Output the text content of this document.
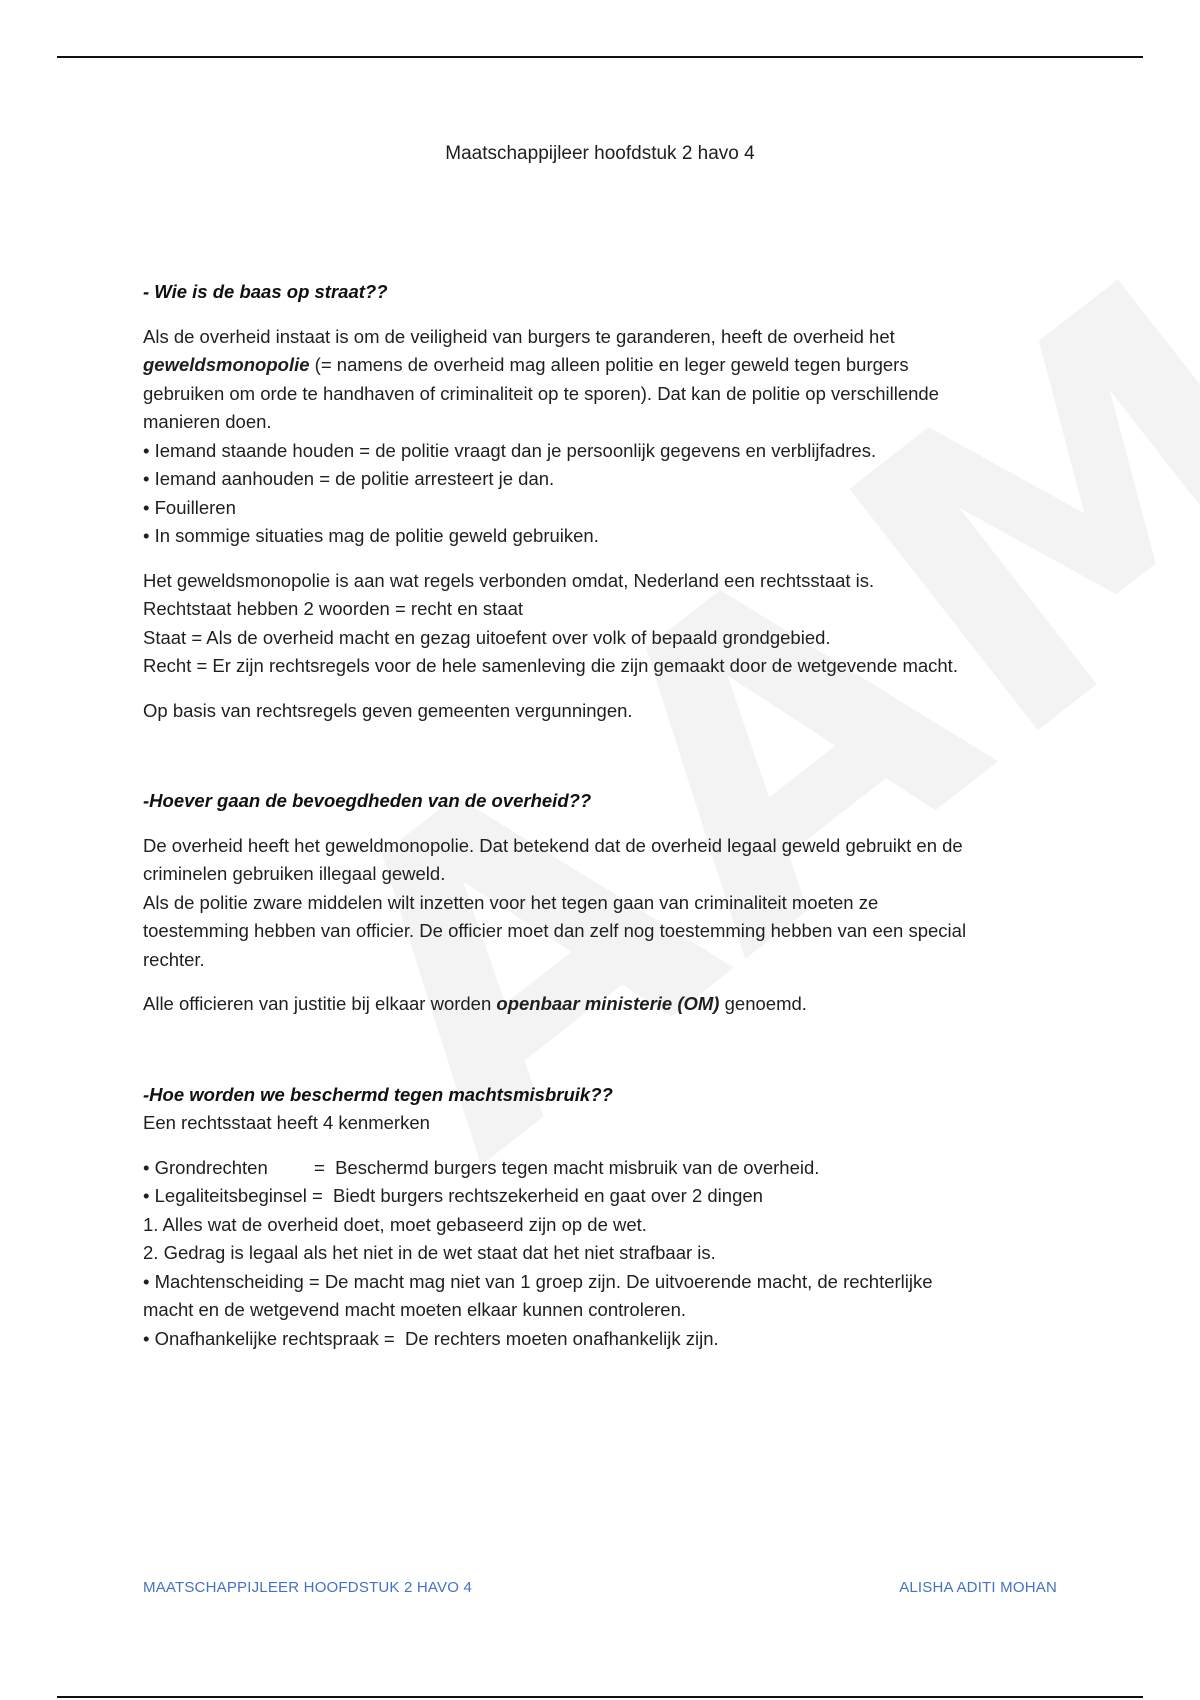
Maatschappijleer hoofdstuk 2 havo 4
- Wie is de baas op straat??

Als de overheid instaat is om de veiligheid van burgers te garanderen, heeft de overheid het
geweldsmonopolie (= namens de overheid mag alleen politie en leger geweld tegen burgers
gebruiken om orde te handhaven of criminaliteit op te sporen). Dat kan de politie op verschillende
manieren doen.

• Iemand staande houden = de politie vraagt dan je persoonlijk gegevens en verblijfadres.

• Iemand aanhouden = de politie arresteert je dan.

• Fouilleren

• In sommige situaties mag de politie geweld gebruiken.

Het geweldsmonopolie is aan wat regels verbonden omdat, Nederland een rechtsstaat is.
Rechtstaat hebben 2 woorden = recht en staat
Staat = Als de overheid macht en gezag uitoefent over volk of bepaald grondgebied.
Recht = Er zijn rechtsregels voor de hele samenleving die zijn gemaakt door de wetgevende macht.

Op basis van rechtsregels geven gemeenten vergunningen.

-Hoever gaan de bevoegdheden van de overheid??

De overheid heeft het geweldmonopolie. Dat betekend dat de overheid legaal geweld gebruikt en de
criminelen gebruiken illegaal geweld.
Als de politie zware middelen wilt inzetten voor het tegen gaan van criminaliteit moeten ze
toestemming hebben van officier. De officier moet dan zelf nog toestemming hebben van een special
rechter.

Alle officieren van justitie bij elkaar worden openbaar ministerie (OM) genoemd.

-Hoe worden we beschermd tegen machtsmisbruik??

Een rechtsstaat heeft 4 kenmerken

• Grondrechten         =  Beschermd burgers tegen macht misbruik van de overheid.

• Legaliteitsbeginsel =  Biedt burgers rechtszekerheid en gaat over 2 dingen

1. Alles wat de overheid doet, moet gebaseerd zijn op de wet.

2. Gedrag is legaal als het niet in de wet staat dat het niet strafbaar is.

• Machtenscheiding = De macht mag niet van 1 groep zijn. De uitvoerende macht, de rechterlijke

macht en de wetgevend macht moeten elkaar kunnen controleren.

• Onafhankelijke rechtspraak =  De rechters moeten onafhankelijk zijn.

MAATSCHAPPIJLEER HOOFDSTUK 2 HAVO 4	ALISHA ADITI MOHAN
